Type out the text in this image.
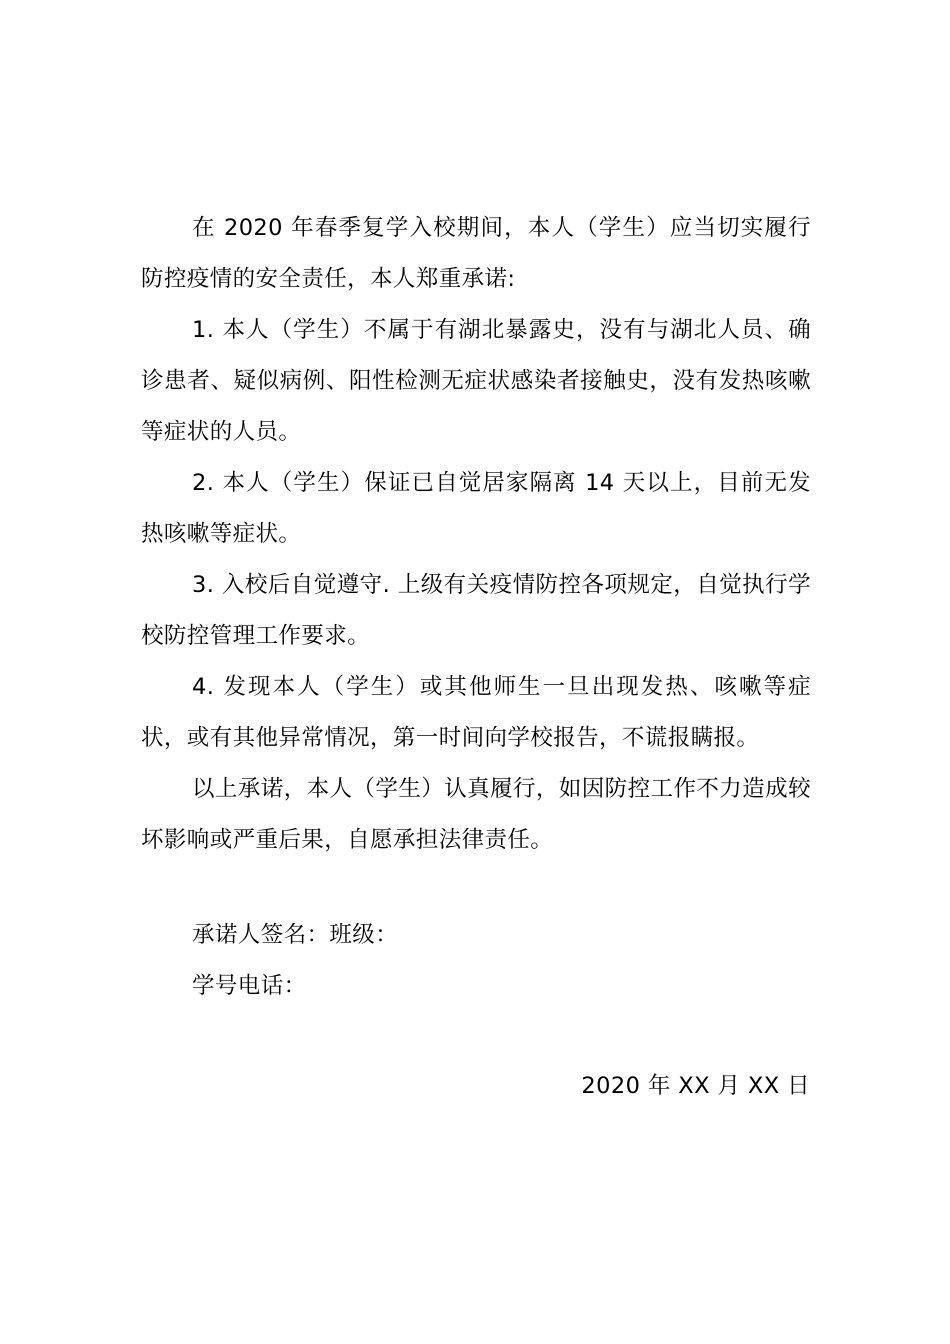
在 2020 年春季复学入校期间，本人（学生）应当切实履行防控疫情的安全责任，本人郑重承诺:

1. 本人（学生）不属于有湖北暴露史，没有与湖北人员、确诊患者、疑似病例、阳性检测无症状感染者接触史，没有发热咳嗽等症状的人员。

2. 本人（学生）保证已自觉居家隔离 14 天以上，目前无发热咳嗽等症状。

3. 入校后自觉遵守. 上级有关疫情防控各项规定，自觉执行学校防控管理工作要求。

4. 发现本人（学生）或其他师生一旦出现发热、咳嗽等症状，或有其他异常情况，第一时间向学校报告，不谎报瞒报。

以上承诺，本人（学生）认真履行，如因防控工作不力造成较坏影响或严重后果，自愿承担法律责任。

承诺人签名：班级：

学号电话：

2020 年 XX 月 XX 日
